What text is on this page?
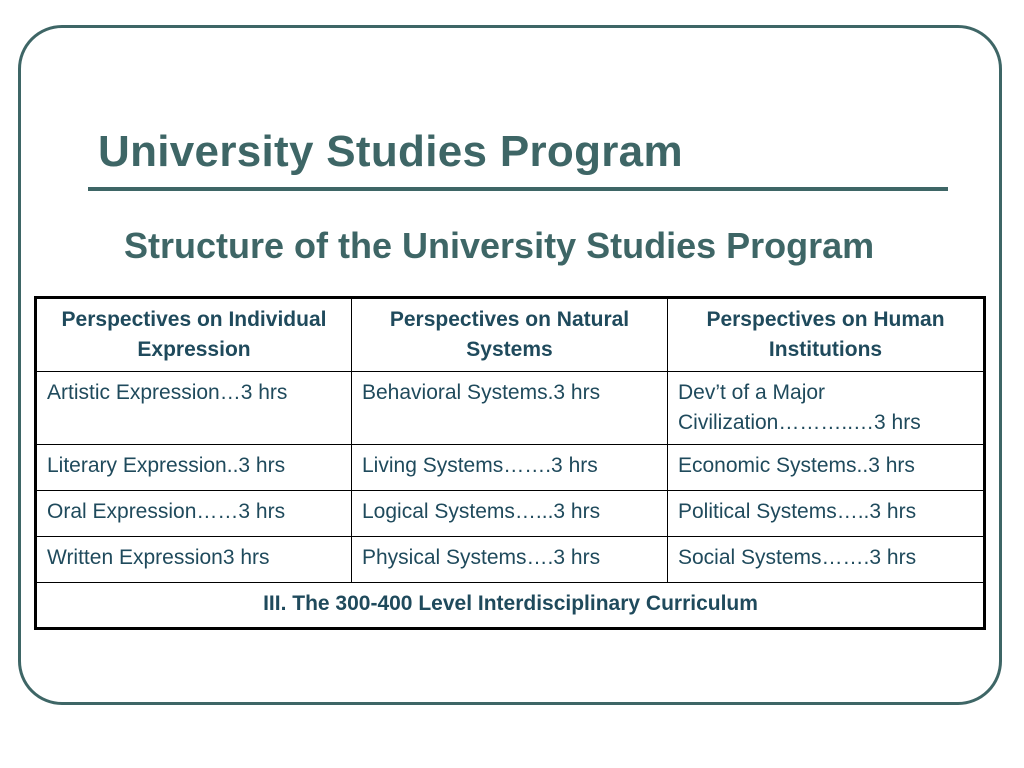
University Studies Program
Structure of the University Studies Program
Perspectives on Individual Expression	Perspectives on Natural Systems	Perspectives on Human Institutions
Artistic Expression…3 hrs	Behavioral Systems.3 hrs	Dev’t of a Major Civilization………..…3 hrs
Literary Expression..3 hrs	Living Systems…….3 hrs	Economic Systems..3 hrs
Oral Expression……3 hrs	Logical Systems…...3 hrs	Political Systems…..3 hrs
Written Expression3 hrs	Physical Systems….3 hrs	Social Systems…….3 hrs
III. The 300-400 Level Interdisciplinary Curriculum		
